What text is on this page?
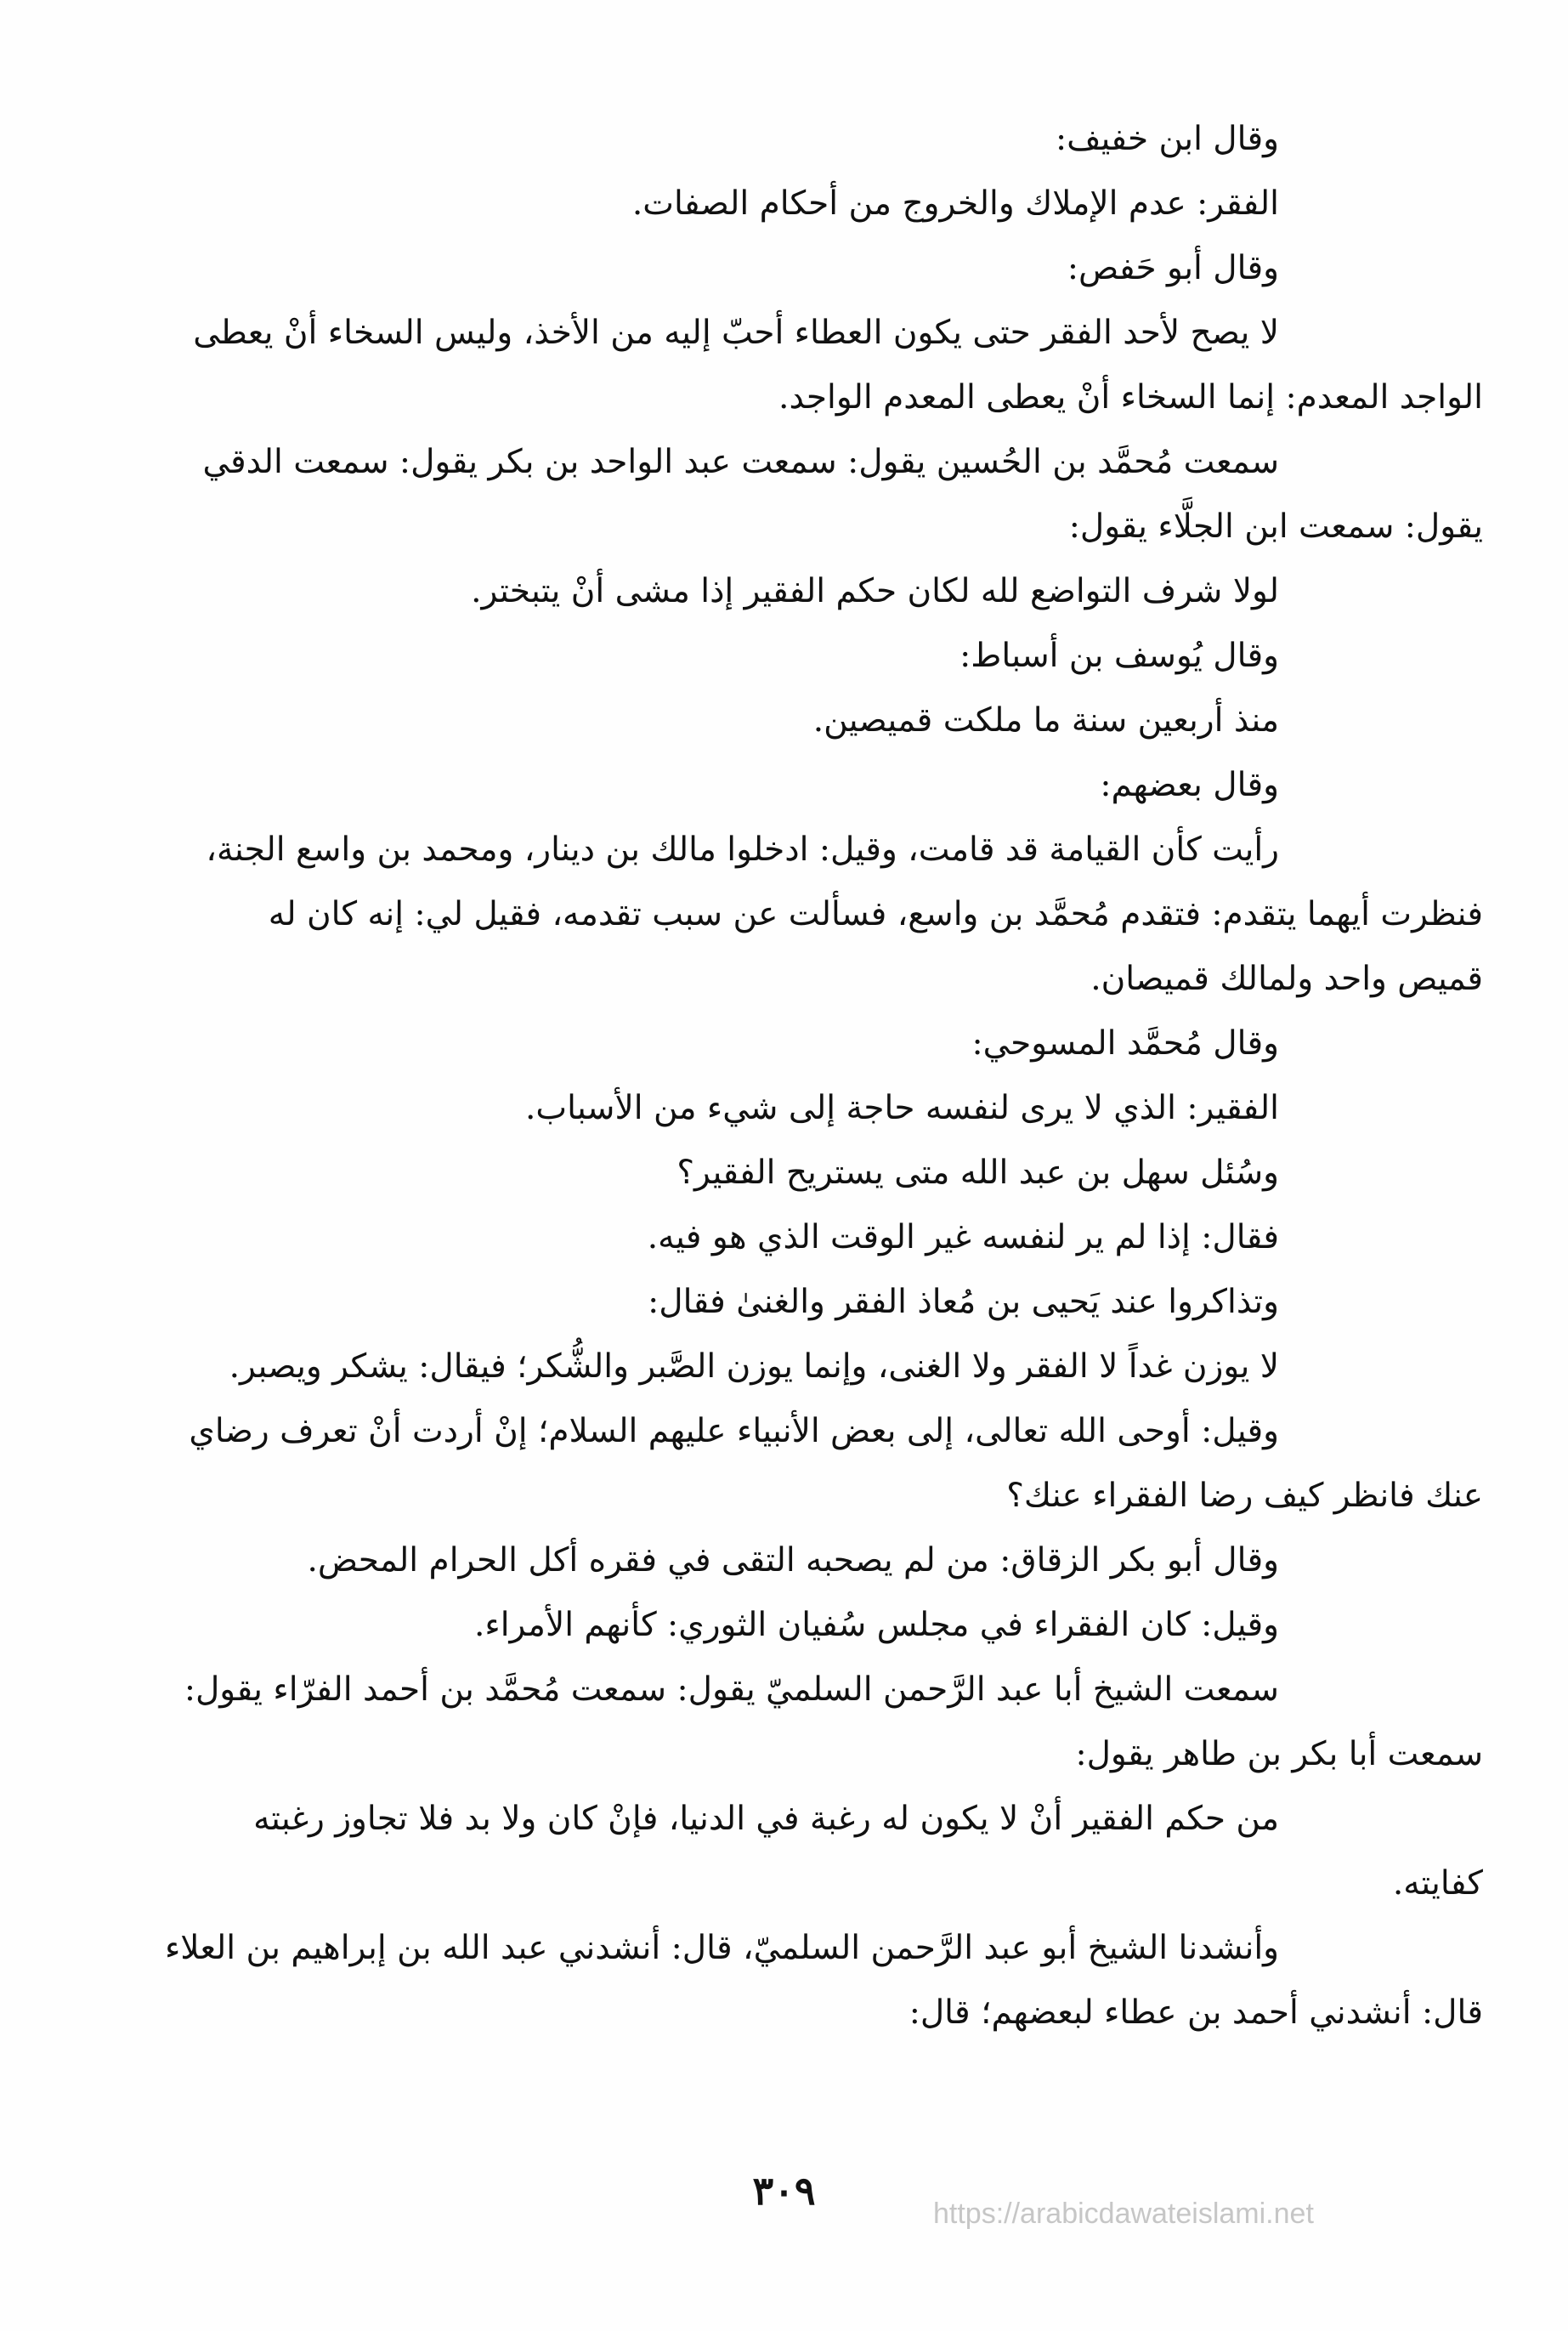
وقال ابن خفيف:
الفقر: عدم الإملاك والخروج من أحكام الصفات.
وقال أبو حَفص:
لا يصح لأحد الفقر حتى يكون العطاء أحبّ إليه من الأخذ، وليس السخاء أنْ يعطى
الواجد المعدم: إنما السخاء أنْ يعطى المعدم الواجد.
سمعت مُحمَّد بن الحُسين يقول: سمعت عبد الواحد بن بكر يقول: سمعت الدقي
يقول: سمعت ابن الجلَّاء يقول:
لولا شرف التواضع لله لكان حكم الفقير إذا مشى أنْ يتبختر.
وقال يُوسف بن أسباط:
منذ أربعين سنة ما ملكت قميصين.
وقال بعضهم:
رأيت كأن القيامة قد قامت، وقيل: ادخلوا مالك بن دينار، ومحمد بن واسع الجنة،
فنظرت أيهما يتقدم: فتقدم مُحمَّد بن واسع، فسألت عن سبب تقدمه، فقيل لي: إنه كان له
قميص واحد ولمالك قميصان.
وقال مُحمَّد المسوحي:
الفقير: الذي لا يرى لنفسه حاجة إلى شيء من الأسباب.
وسُئل سهل بن عبد الله متى يستريح الفقير؟
فقال: إذا لم ير لنفسه غير الوقت الذي هو فيه.
وتذاكروا عند يَحيى بن مُعاذ الفقر والغنىٰ فقال:
لا يوزن غداً لا الفقر ولا الغنى، وإنما يوزن الصَّبر والشُّكر؛ فيقال: يشكر ويصبر.
وقيل: أوحى الله تعالى، إلى بعض الأنبياء عليهم السلام؛ إنْ أردت أنْ تعرف رضاي
عنك فانظر كيف رضا الفقراء عنك؟
وقال أبو بكر الزقاق: من لم يصحبه التقى في فقره أكل الحرام المحض.
وقيل: كان الفقراء في مجلس سُفيان الثوري: كأنهم الأمراء.
سمعت الشيخ أبا عبد الرَّحمن السلميّ يقول: سمعت مُحمَّد بن أحمد الفرّاء يقول:
سمعت أبا بكر بن طاهر يقول:
من حكم الفقير أنْ لا يكون له رغبة في الدنيا، فإنْ كان ولا بد فلا تجاوز رغبته
كفايته.
وأنشدنا الشيخ أبو عبد الرَّحمن السلميّ، قال: أنشدني عبد الله بن إبراهيم بن العلاء
قال: أنشدني أحمد بن عطاء لبعضهم؛ قال:
٣٠٩	https://arabicdawateislami.net
